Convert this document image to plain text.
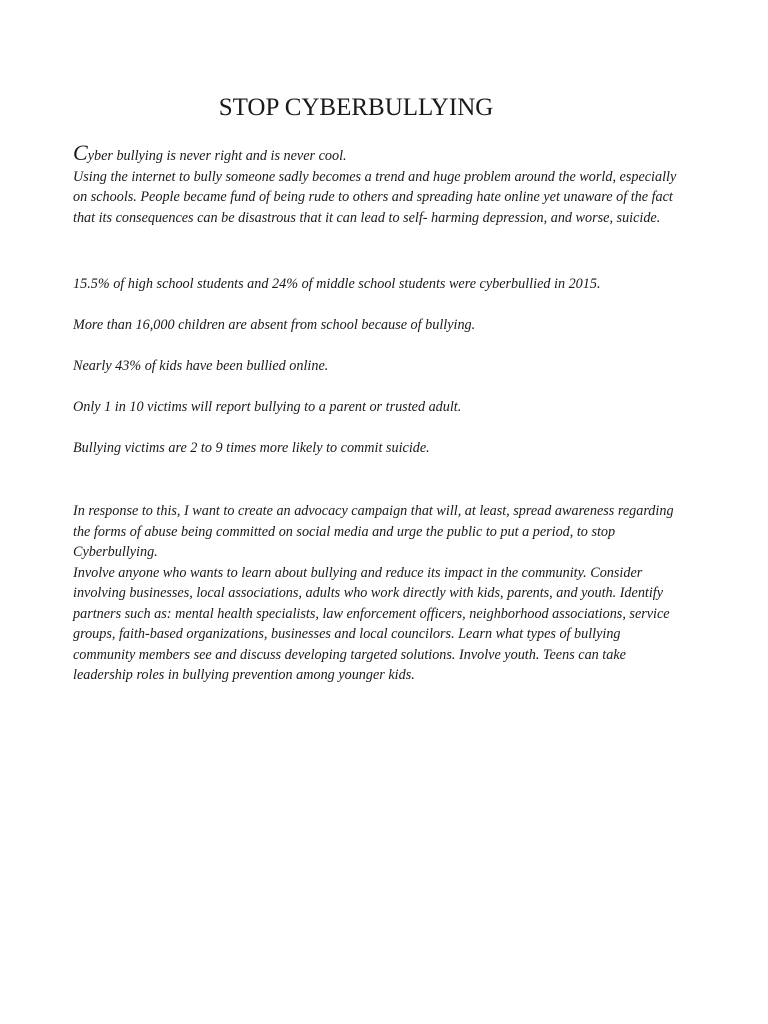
STOP CYBERBULLYING

Cyber bullying is never right and is never cool.

Using the internet to bully someone sadly becomes a trend and huge problem around the world, especially on schools. People became fund of being rude to others and spreading hate online yet unaware of the fact that its consequences can be disastrous that it can lead to self- harming depression, and worse, suicide.

15.5% of high school students and 24% of middle school students were cyberbullied in 2015.

More than 16,000 children are absent from school because of bullying.

Nearly 43% of kids have been bullied online.

Only 1 in 10 victims will report bullying to a parent or trusted adult.

Bullying victims are 2 to 9 times more likely to commit suicide.

In response to this, I want to create an advocacy campaign that will, at least, spread awareness regarding the forms of abuse being committed on social media and urge the public to put a period, to stop Cyberbullying.

Involve anyone who wants to learn about bullying and reduce its impact in the community. Consider involving businesses, local associations, adults who work directly with kids, parents, and youth. Identify partners such as: mental health specialists, law enforcement officers, neighborhood associations, service groups, faith-based organizations, businesses and local councilors. Learn what types of bullying community members see and discuss developing targeted solutions. Involve youth. Teens can take leadership roles in bullying prevention among younger kids.
